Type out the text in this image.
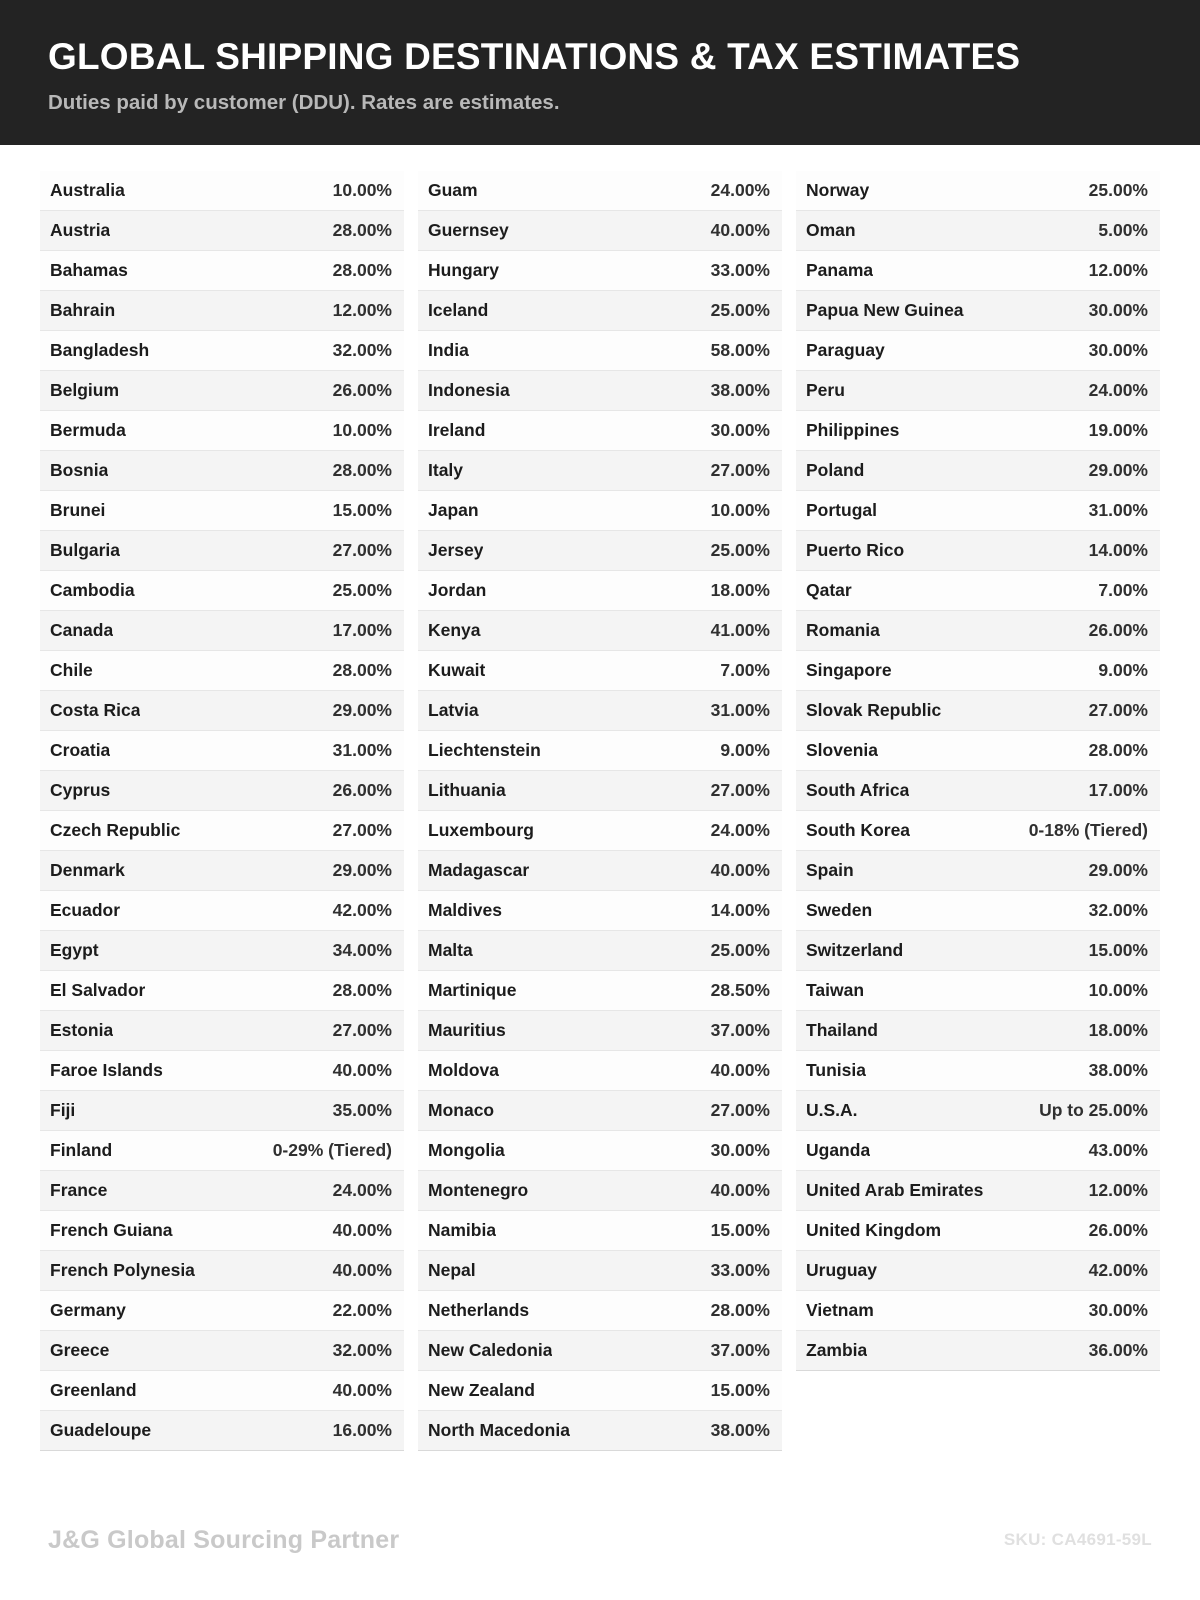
GLOBAL SHIPPING DESTINATIONS & TAX ESTIMATES
Duties paid by customer (DDU). Rates are estimates.
Australia	10.00%
Austria	28.00%
Bahamas	28.00%
Bahrain	12.00%
Bangladesh	32.00%
Belgium	26.00%
Bermuda	10.00%
Bosnia	28.00%
Brunei	15.00%
Bulgaria	27.00%
Cambodia	25.00%
Canada	17.00%
Chile	28.00%
Costa Rica	29.00%
Croatia	31.00%
Cyprus	26.00%
Czech Republic	27.00%
Denmark	29.00%
Ecuador	42.00%
Egypt	34.00%
El Salvador	28.00%
Estonia	27.00%
Faroe Islands	40.00%
Fiji	35.00%
Finland	0-29% (Tiered)
France	24.00%
French Guiana	40.00%
French Polynesia	40.00%
Germany	22.00%
Greece	32.00%
Greenland	40.00%
Guadeloupe	16.00%
Guam	24.00%
Guernsey	40.00%
Hungary	33.00%
Iceland	25.00%
India	58.00%
Indonesia	38.00%
Ireland	30.00%
Italy	27.00%
Japan	10.00%
Jersey	25.00%
Jordan	18.00%
Kenya	41.00%
Kuwait	7.00%
Latvia	31.00%
Liechtenstein	9.00%
Lithuania	27.00%
Luxembourg	24.00%
Madagascar	40.00%
Maldives	14.00%
Malta	25.00%
Martinique	28.50%
Mauritius	37.00%
Moldova	40.00%
Monaco	27.00%
Mongolia	30.00%
Montenegro	40.00%
Namibia	15.00%
Nepal	33.00%
Netherlands	28.00%
New Caledonia	37.00%
New Zealand	15.00%
North Macedonia	38.00%
Norway	25.00%
Oman	5.00%
Panama	12.00%
Papua New Guinea	30.00%
Paraguay	30.00%
Peru	24.00%
Philippines	19.00%
Poland	29.00%
Portugal	31.00%
Puerto Rico	14.00%
Qatar	7.00%
Romania	26.00%
Singapore	9.00%
Slovak Republic	27.00%
Slovenia	28.00%
South Africa	17.00%
South Korea	0-18% (Tiered)
Spain	29.00%
Sweden	32.00%
Switzerland	15.00%
Taiwan	10.00%
Thailand	18.00%
Tunisia	38.00%
U.S.A.	Up to 25.00%
Uganda	43.00%
United Arab Emirates	12.00%
United Kingdom	26.00%
Uruguay	42.00%
Vietnam	30.00%
Zambia	36.00%
J&G Global Sourcing Partner	SKU: CA4691-59L
